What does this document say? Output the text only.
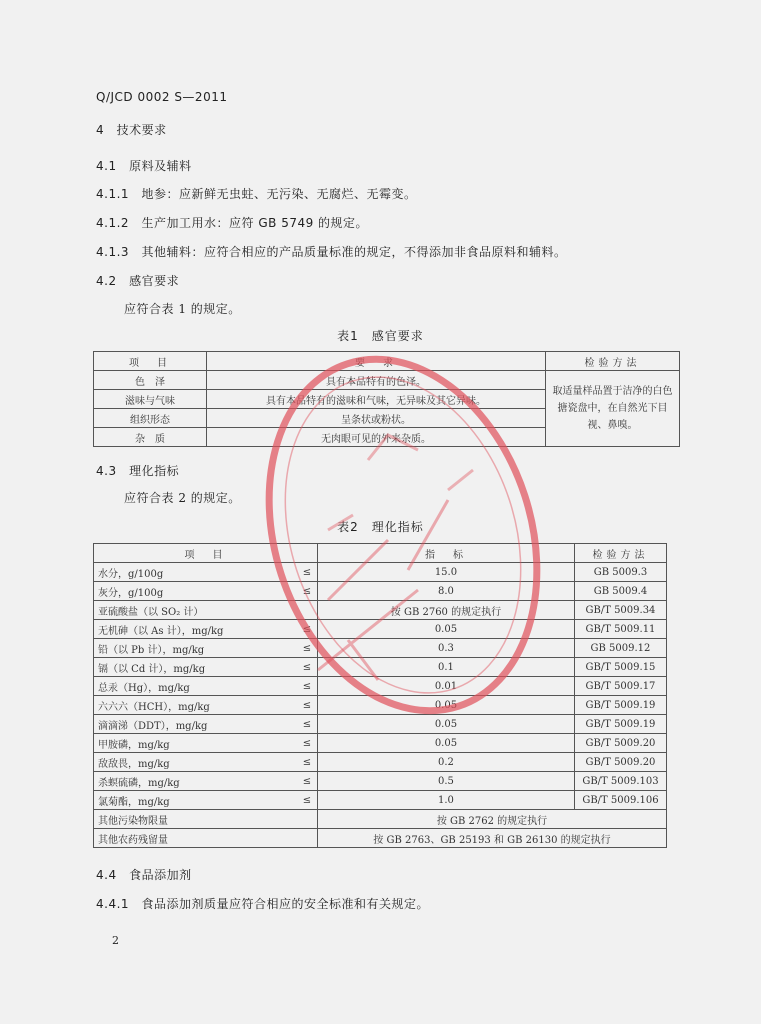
Q/JCD 0002 S—2011
4　技术要求
4.1　原料及辅料
4.1.1　地参：应新鲜无虫蛀、无污染、无腐烂、无霉变。
4.1.2　生产加工用水：应符 GB 5749 的规定。
4.1.3　其他辅料：应符合相应的产品质量标准的规定，不得添加非食品原料和辅料。
4.2　感官要求
应符合表 1 的规定。
表1　感官要求
项　目	要　求	检验方法
色　泽	具有本品特有的色泽。	取适量样品置于洁净的白色搪瓷盘中，在自然光下目视、鼻嗅。
滋味与气味	具有本品特有的滋味和气味，无异味及其它异味。	
组织形态	呈条状或粉状。	
杂　质	无肉眼可见的外来杂质。	
4.3　理化指标
应符合表 2 的规定。
表2　理化指标
项　目		指　标	检验方法
水分，g/100g	≤	15.0	GB 5009.3
灰分，g/100g	≤	8.0	GB 5009.4
亚硫酸盐（以 SO₂ 计）		按 GB 2760 的规定执行	GB/T 5009.34
无机砷（以 As 计），mg/kg	≤	0.05	GB/T 5009.11
铅（以 Pb 计），mg/kg	≤	0.3	GB 5009.12
镉（以 Cd 计），mg/kg	≤	0.1	GB/T 5009.15
总汞（Hg），mg/kg	≤	0.01	GB/T 5009.17
六六六（HCH），mg/kg	≤	0.05	GB/T 5009.19
滴滴涕（DDT），mg/kg	≤	0.05	GB/T 5009.19
甲胺磷，mg/kg	≤	0.05	GB/T 5009.20
敌敌畏，mg/kg	≤	0.2	GB/T 5009.20
杀螟硫磷，mg/kg	≤	0.5	GB/T 5009.103
氯菊酯，mg/kg	≤	1.0	GB/T 5009.106
其他污染物限量		按 GB 2762 的规定执行	
其他农药残留量		按 GB 2763、GB 25193 和 GB 26130 的规定执行	
4.4　食品添加剂
4.4.1　食品添加剂质量应符合相应的安全标准和有关规定。
2
